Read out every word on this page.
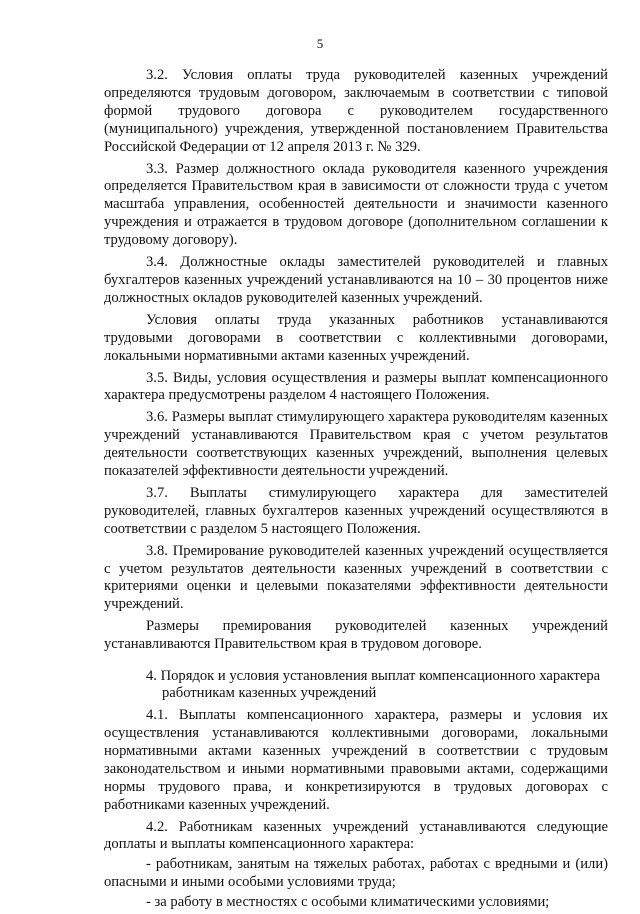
5

3.2. Условия оплаты труда руководителей казенных учреждений определяются трудовым договором, заключаемым в соответствии с типовой формой трудового договора с руководителем государственного (муниципального) учреждения, утвержденной постановлением Правительства Российской Федерации от 12 апреля 2013 г. № 329.

3.3. Размер должностного оклада руководителя казенного учреждения определяется Правительством края в зависимости от сложности труда с учетом масштаба управления, особенностей деятельности и значимости казенного учреждения и отражается в трудовом договоре (дополнительном соглашении к трудовому договору).

3.4. Должностные оклады заместителей руководителей и главных бухгалтеров казенных учреждений устанавливаются на 10 – 30 процентов ниже должностных окладов руководителей казенных учреждений.

Условия оплаты труда указанных работников устанавливаются трудовыми договорами в соответствии с коллективными договорами, локальными нормативными актами казенных учреждений.

3.5. Виды, условия осуществления и размеры выплат компенсационного характера предусмотрены разделом 4 настоящего Положения.

3.6. Размеры выплат стимулирующего характера руководителям казенных учреждений устанавливаются Правительством края с учетом результатов деятельности соответствующих казенных учреждений, выполнения целевых показателей эффективности деятельности учреждений.

3.7. Выплаты стимулирующего характера для заместителей руководителей, главных бухгалтеров казенных учреждений осуществляются в соответствии с разделом 5 настоящего Положения.

3.8. Премирование руководителей казенных учреждений осуществляется с учетом результатов деятельности казенных учреждений в соответствии с критериями оценки и целевыми показателями эффективности деятельности учреждений.

Размеры премирования руководителей казенных учреждений устанавливаются Правительством края в трудовом договоре.

4. Порядок и условия установления выплат компенсационного характера
работникам казенных учреждений

4.1. Выплаты компенсационного характера, размеры и условия их осуществления устанавливаются коллективными договорами, локальными нормативными актами казенных учреждений в соответствии с трудовым законодательством и иными нормативными правовыми актами, содержащими нормы трудового права, и конкретизируются в трудовых договорах с работниками казенных учреждений.

4.2. Работникам казенных учреждений устанавливаются следующие доплаты и выплаты компенсационного характера:

- работникам, занятым на тяжелых работах, работах с вредными и (или) опасными и иными особыми условиями труда;

- за работу в местностях с особыми климатическими условиями;
